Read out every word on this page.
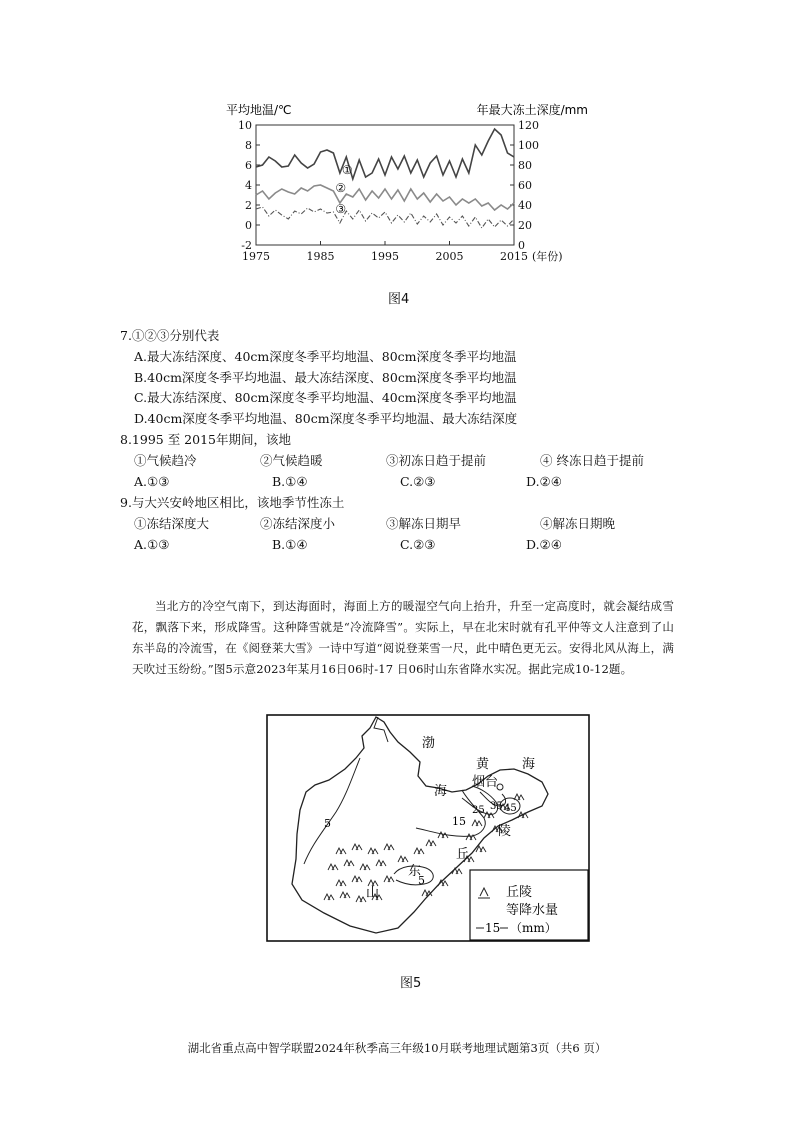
平均地温/℃	年最大冻土深度/mm
10
8
6
4
2
0
-2
120
100
80
60
40
20
0
1975	1985	1995	2005	2015 (年份)
①
②
③
图4
7.①②③分别代表
A.最大冻结深度、40cm深度冬季平均地温、80cm深度冬季平均地温
B.40cm深度冬季平均地温、最大冻结深度、80cm深度冬季平均地温
C.最大冻结深度、80cm深度冬季平均地温、40cm深度冬季平均地温
D.40cm深度冬季平均地温、80cm深度冬季平均地温、最大冻结深度
8.1995 至 2015年期间，该地
①气候趋冷	②气候趋暖	③初冻日趋于提前	④ 终冻日趋于提前
A.①③	B.①④	C.②③	D.②④
9.与大兴安岭地区相比，该地季节性冻土
①冻结深度大	②冻结深度小	③解冻日期早	④解冻日期晚
A.①③	B.①④	C.②③	D.②④
当北方的冷空气南下，到达海面时，海面上方的暖湿空气向上抬升，升至一定高度时，就会凝结成雪花，飘落下来，形成降雪。这种降雪就是“冷流降雪”。实际上，早在北宋时就有孔平仲等文人注意到了山东半岛的冷流雪，在《阅登莱大雪》一诗中写道“阅说登莱雪一尺，此中晴色更无云。安得北风从海上，满天吹过玉纷纷。”图5示意2023年某月16日06时-17 日06时山东省降水实况。据此完成10-12题。
5	15
25 35 45
5
渤
海
黄	海
烟台
陵
丘
东
山	丘陵
等降水量
15 （mm）
图5
湖北省重点高中智学联盟2024年秋季高三年级10月联考地理试题第3页（共6 页）
